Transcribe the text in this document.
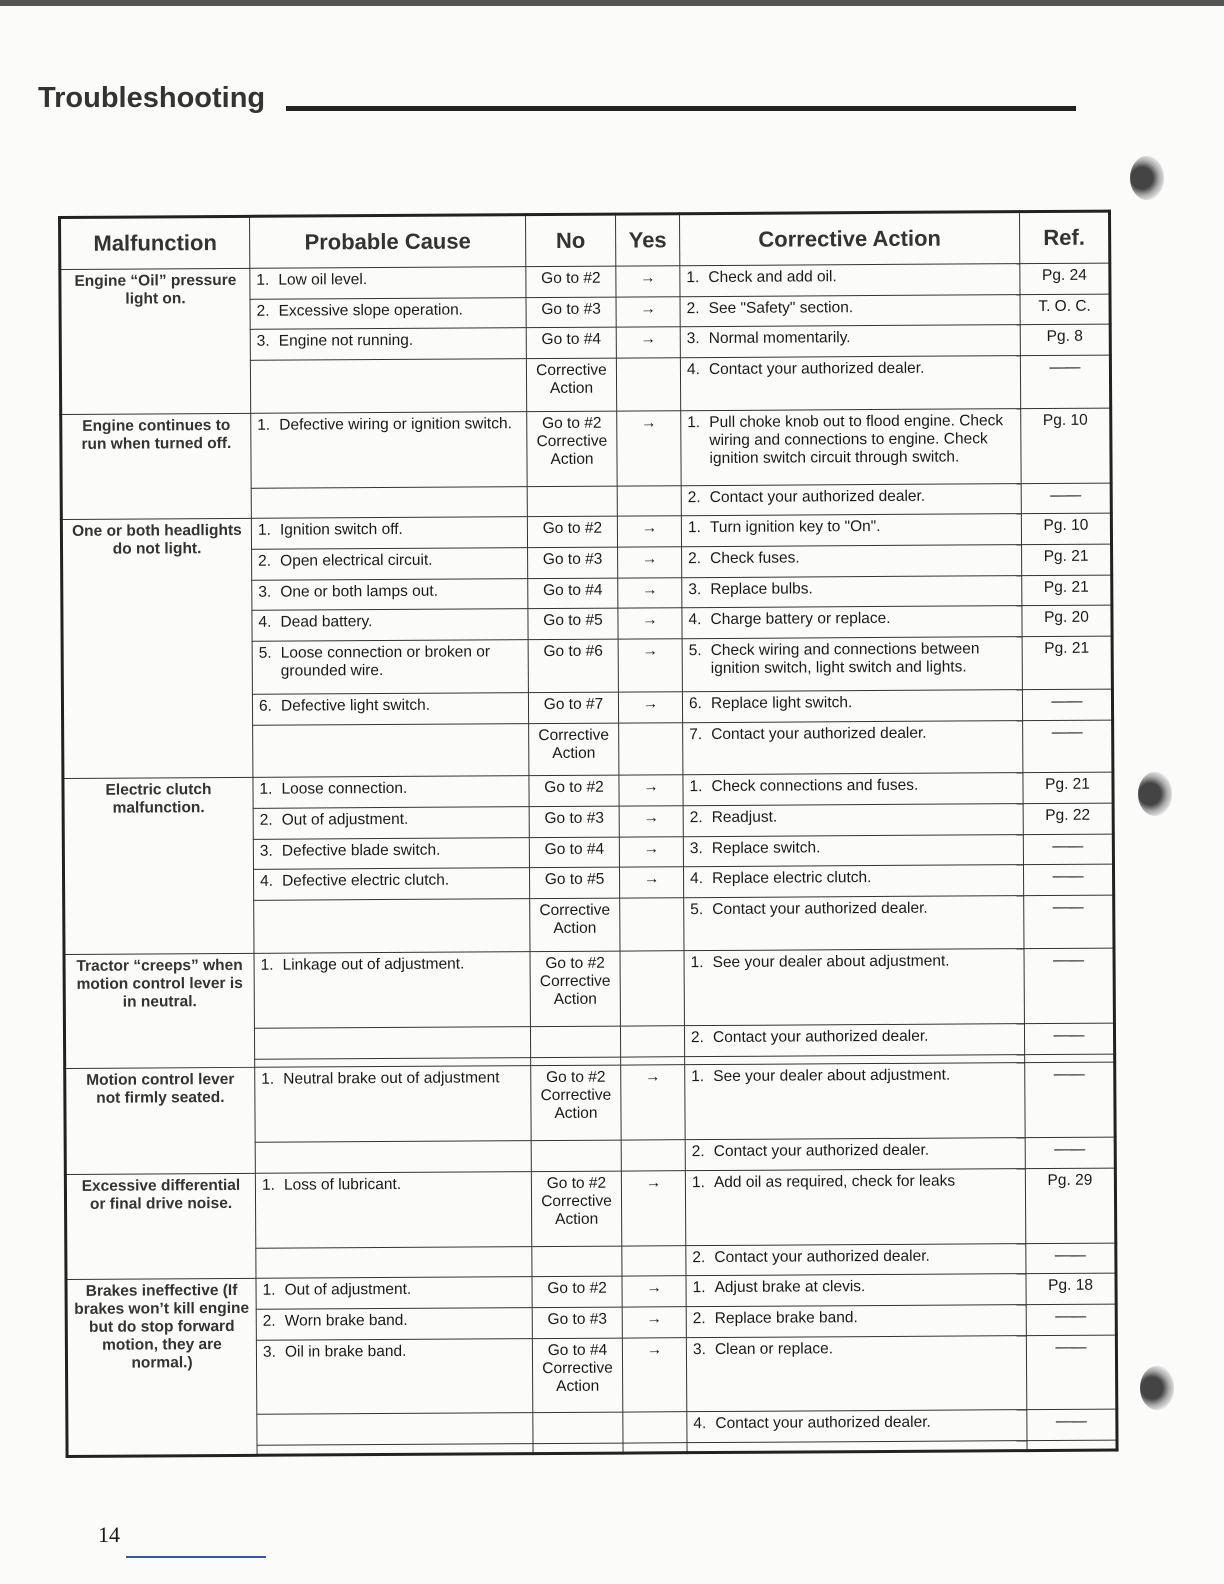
Troubleshooting
Malfunction	Probable Cause	No	Yes	Corrective Action	Ref.
Engine “Oil” pressure light on.	1. Low oil level.	Go to #2	→	1. Check and add oil.	Pg. 24

	2. Excessive slope operation.	Go to #3	→	2. See "Safety" section.	T. O. C.

	3. Engine not running.	Go to #4	→	3. Normal momentarily.	Pg. 8

		Corrective Action		4. Contact your authorized dealer.	——
Engine continues to run when turned off.	1. Defective wiring or ignition switch.	Go to #2 Corrective Action	→	1. Pull choke knob out to flood engine. Check wiring and connections to engine. Check ignition switch circuit through switch.	Pg. 10

				2. Contact your authorized dealer.	——
One or both headlights do not light.	1. Ignition switch off.	Go to #2	→	1. Turn ignition key to "On".	Pg. 10

	2. Open electrical circuit.	Go to #3	→	2. Check fuses.	Pg. 21

	3. One or both lamps out.	Go to #4	→	3. Replace bulbs.	Pg. 21

	4. Dead battery.	Go to #5	→	4. Charge battery or replace.	Pg. 20

	5. Loose connection or broken or grounded wire.	Go to #6	→	5. Check wiring and connections between ignition switch, light switch and lights.	Pg. 21

	6. Defective light switch.	Go to #7	→	6. Replace light switch.	——

		Corrective Action		7. Contact your authorized dealer.	——
Electric clutch malfunction.	1. Loose connection.	Go to #2	→	1. Check connections and fuses.	Pg. 21

	2. Out of adjustment.	Go to #3	→	2. Readjust.	Pg. 22

	3. Defective blade switch.	Go to #4	→	3. Replace switch.	——

	4. Defective electric clutch.	Go to #5	→	4. Replace electric clutch.	——

		Corrective Action		5. Contact your authorized dealer.	——
Tractor “creeps” when motion control lever is in neutral.	1. Linkage out of adjustment.	Go to #2 Corrective Action		1. See your dealer about adjustment.	——

				2. Contact your authorized dealer.	——

Motion control lever not firmly seated.	1. Neutral brake out of adjustment	Go to #2 Corrective Action	→	1. See your dealer about adjustment.	——

				2. Contact your authorized dealer.	——
Excessive differential or final drive noise.	1. Loss of lubricant.	Go to #2 Corrective Action	→	1. Add oil as required, check for leaks	Pg. 29

				2. Contact your authorized dealer.	——
Brakes ineffective (If brakes won’t kill engine but do stop forward motion, they are normal.)	1. Out of adjustment.	Go to #2	→	1. Adjust brake at clevis.	Pg. 18

	2. Worn brake band.	Go to #3	→	2. Replace brake band.	——

	3. Oil in brake band.	Go to #4 Corrective Action	→	3. Clean or replace.	——

				4. Contact your authorized dealer.	——

14
